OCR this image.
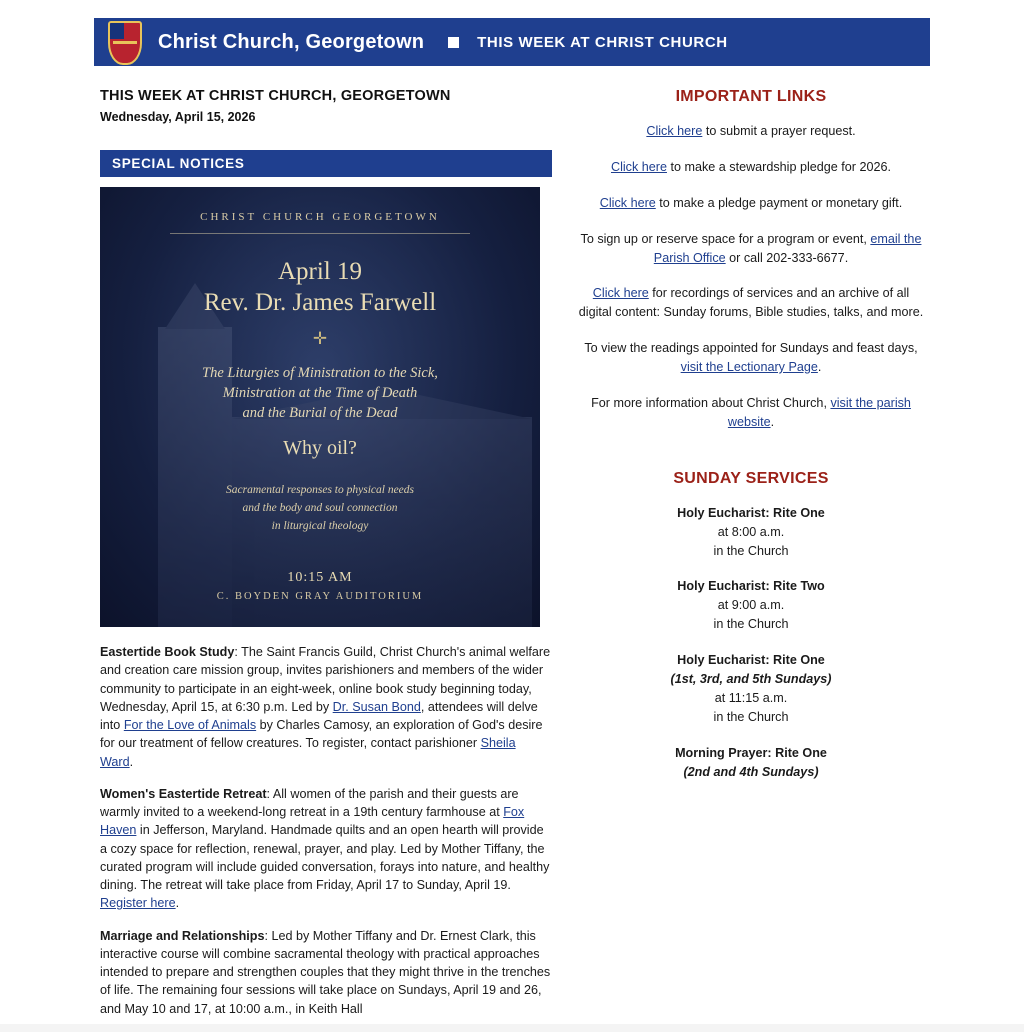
Christ Church, Georgetown	THIS WEEK AT CHRIST CHURCH
THIS WEEK AT CHRIST CHURCH, GEORGETOWN
Wednesday, April 15, 2026
SPECIAL NOTICES
CHRIST CHURCH GEORGETOWN
April 19
Rev. Dr. James Farwell
✛
The Liturgies of Ministration to the Sick,
Ministration at the Time of Death
and the Burial of the Dead
Why oil?
Sacramental responses to physical needs
and the body and soul connection
in liturgical theology
10:15 AM
C. BOYDEN GRAY AUDITORIUM

Eastertide Book Study: The Saint Francis Guild, Christ Church's animal welfare and creation care mission group, invites parishioners and members of the wider community to participate in an eight-week, online book study beginning today, Wednesday, April 15, at 6:30 p.m. Led by Dr. Susan Bond, attendees will delve into For the Love of Animals by Charles Camosy, an exploration of God's desire for our treatment of fellow creatures. To register, contact parishioner Sheila Ward.

Women's Eastertide Retreat: All women of the parish and their guests are warmly invited to a weekend-long retreat in a 19th century farmhouse at Fox Haven in Jefferson, Maryland. Handmade quilts and an open hearth will provide a cozy space for reflection, renewal, prayer, and play. Led by Mother Tiffany, the curated program will include guided conversation, forays into nature, and healthy dining. The retreat will take place from Friday, April 17 to Sunday, April 19. Register here.

Marriage and Relationships: Led by Mother Tiffany and Dr. Ernest Clark, this interactive course will combine sacramental theology with practical approaches intended to prepare and strengthen couples that they might thrive in the trenches of life. The remaining four sessions will take place on Sundays, April 19 and 26, and May 10 and 17, at 10:00 a.m., in Keith Hall

IMPORTANT LINKS
Click here to submit a prayer request.
Click here to make a stewardship pledge for 2026.
Click here to make a pledge payment or monetary gift.
To sign up or reserve space for a program or event, email the Parish Office or call 202-333-6677.
Click here for recordings of services and an archive of all digital content: Sunday forums, Bible studies, talks, and more.
To view the readings appointed for Sundays and feast days, visit the Lectionary Page.
For more information about Christ Church, visit the parish website.
SUNDAY SERVICES
Holy Eucharist: Rite One
at 8:00 a.m.
in the Church
Holy Eucharist: Rite Two
at 9:00 a.m.
in the Church
Holy Eucharist: Rite One
(1st, 3rd, and 5th Sundays)
at 11:15 a.m.
in the Church
Morning Prayer: Rite One
(2nd and 4th Sundays)
